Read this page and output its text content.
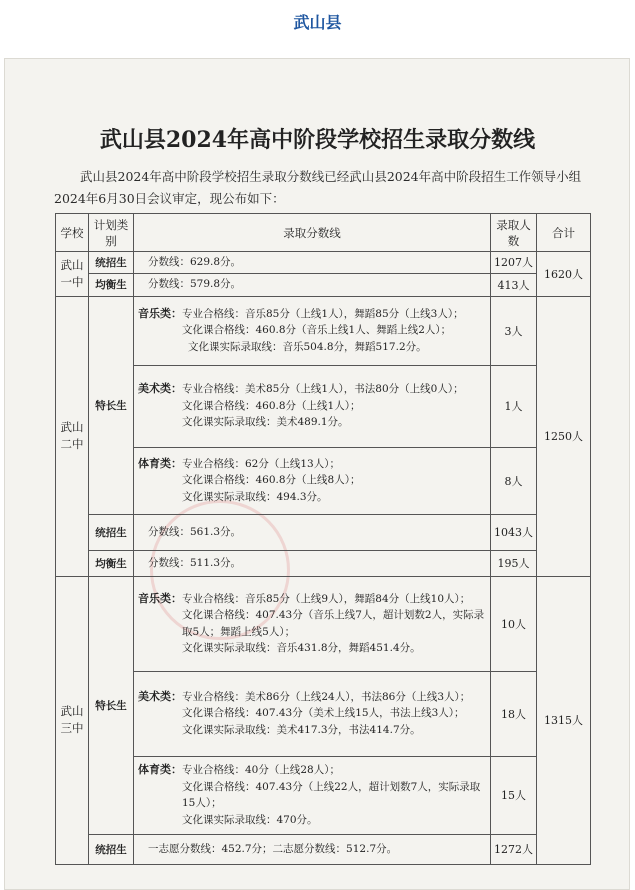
武山县
武山县2024年高中阶段学校招生录取分数线
武山县2024年高中阶段学校招生录取分数线已经武山县2024年高中阶段招生工作领导小组2024年6月30日会议审定，现公布如下：
学校	计划类别	录取分数线	录取人数	合计
武山一中	统招生	分数线：629.8分。	1207人	1620人
	均衡生	分数线：579.8分。	413人	
武山二中	特长生	音乐类：专业合格线：音乐85分（上线1人），舞蹈85分（上线3人）；
文化课合格线：460.8分（音乐上线1人、舞蹈上线2人）；
文化课实际录取线：音乐504.8分，舞蹈517.2分。	3人	1250人
		美术类：专业合格线：美术85分（上线1人），书法80分（上线0人）；
文化课合格线：460.8分（上线1人）；
文化课实际录取线：美术489.1分。	1人	
		体育类：专业合格线：62分（上线13人）；
文化课合格线：460.8分（上线8人）；
文化课实际录取线：494.3分。	8人	
	统招生	分数线：561.3分。	1043人	
	均衡生	分数线：511.3分。	195人	
武山三中	特长生	音乐类：专业合格线：音乐85分（上线9人），舞蹈84分（上线10人）；
文化课合格线：407.43分（音乐上线7人，超计划数2人，实际录取5人；舞蹈上线5人）；
文化课实际录取线：音乐431.8分，舞蹈451.4分。	10人	1315人
		美术类：专业合格线：美术86分（上线24人），书法86分（上线3人）；
文化课合格线：407.43分（美术上线15人，书法上线3人）；
文化课实际录取线：美术417.3分，书法414.7分。	18人	
		体育类：专业合格线：40分（上线28人）；
文化课合格线：407.43分（上线22人，超计划数7人，实际录取15人）；
文化课实际录取线：470分。	15人	
	统招生	一志愿分数线：452.7分；二志愿分数线：512.7分。	1272人	
